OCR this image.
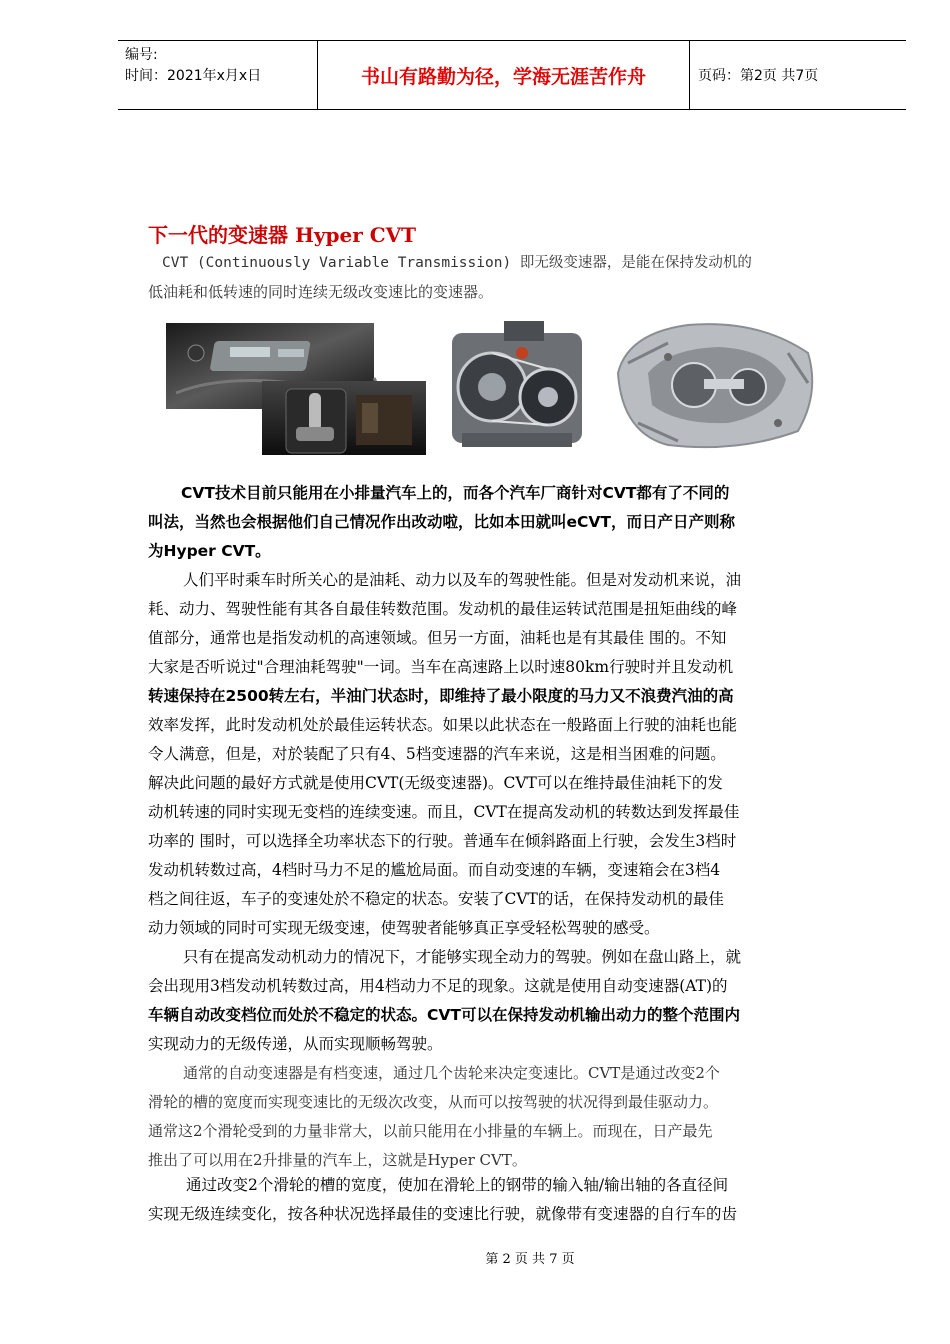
编号:
时间：2021年x月x日	书山有路勤为径，学海无涯苦作舟	页码：第2页 共7页
下一代的变速器 Hyper CVT
CVT (Continuously Variable Transmission) 即无级变速器，是能在保持发动机的
低油耗和低转速的同时连续无级改变速比的变速器。
CVT技术目前只能用在小排量汽车上的，而各个汽车厂商针对CVT都有了不同的
叫法，当然也会根据他们自己情况作出改动啦，比如本田就叫eCVT，而日产日产则称
为Hyper CVT。
人们平时乘车时所关心的是油耗、动力以及车的驾驶性能。但是对发动机来说，油
耗、动力、驾驶性能有其各自最佳转数范围。发动机的最佳运转试范围是扭矩曲线的峰
值部分，通常也是指发动机的高速领域。但另一方面，油耗也是有其最佳 围的。不知
大家是否听说过"合理油耗驾驶"一词。当车在高速路上以时速80km行驶时并且发动机
转速保持在2500转左右，半油门状态时，即维持了最小限度的马力又不浪费汽油的高
效率发挥，此时发动机处於最佳运转状态。如果以此状态在一般路面上行驶的油耗也能
令人满意，但是，对於装配了只有4、5档变速器的汽车来说，这是相当困难的问题。
解决此问题的最好方式就是使用CVT(无级变速器)。CVT可以在维持最佳油耗下的发
动机转速的同时实现无变档的连续变速。而且，CVT在提高发动机的转数达到发挥最佳
功率的 围时，可以选择全功率状态下的行驶。普通车在倾斜路面上行驶，会发生3档时
发动机转数过高，4档时马力不足的尴尬局面。而自动变速的车辆，变速箱会在3档4
档之间往返，车子的变速处於不稳定的状态。安装了CVT的话，在保持发动机的最佳
动力领域的同时可实现无级变速，使驾驶者能够真正享受轻松驾驶的感受。
只有在提高发动机动力的情况下，才能够实现全动力的驾驶。例如在盘山路上，就
会出现用3档发动机转数过高，用4档动力不足的现象。这就是使用自动变速器(AT)的
车辆自动改变档位而处於不稳定的状态。CVT可以在保持发动机输出动力的整个范围内
实现动力的无级传递，从而实现顺畅驾驶。
通常的自动变速器是有档变速，通过几个齿轮来决定变速比。CVT是通过改变2个
滑轮的槽的宽度而实现变速比的无级次改变，从而可以按驾驶的状况得到最佳驱动力。
通常这2个滑轮受到的力量非常大，以前只能用在小排量的车辆上。而现在，日产最先
推出了可以用在2升排量的汽车上，这就是Hyper CVT。
通过改变2个滑轮的槽的宽度，使加在滑轮上的钢带的输入轴/输出轴的各直径间
实现无级连续变化，按各种状况选择最佳的变速比行驶，就像带有变速器的自行车的齿
第 2 页 共 7 页
